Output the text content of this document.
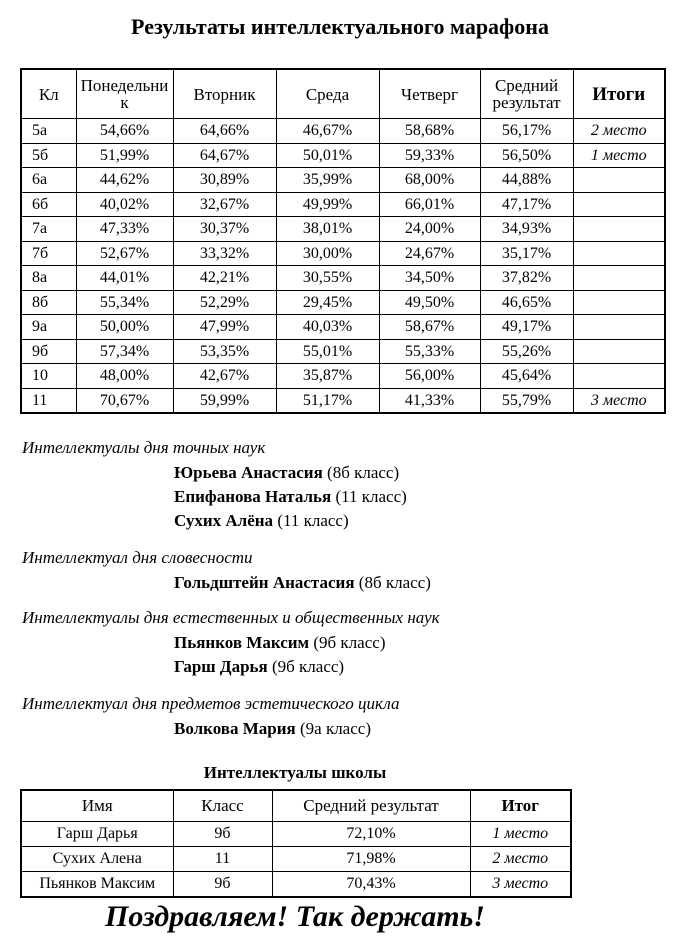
Результаты интеллектуального марафона
Кл	Понедельник	Вторник	Среда	Четверг	Средний результат	Итоги
5а	54,66%	64,66%	46,67%	58,68%	56,17%	2 место
5б	51,99%	64,67%	50,01%	59,33%	56,50%	1 место
6а	44,62%	30,89%	35,99%	68,00%	44,88%	
6б	40,02%	32,67%	49,99%	66,01%	47,17%	
7а	47,33%	30,37%	38,01%	24,00%	34,93%	
7б	52,67%	33,32%	30,00%	24,67%	35,17%	
8а	44,01%	42,21%	30,55%	34,50%	37,82%	
8б	55,34%	52,29%	29,45%	49,50%	46,65%	
9а	50,00%	47,99%	40,03%	58,67%	49,17%	
9б	57,34%	53,35%	55,01%	55,33%	55,26%	
10	48,00%	42,67%	35,87%	56,00%	45,64%	
11	70,67%	59,99%	51,17%	41,33%	55,79%	3 место
Интеллектуалы дня точных наук
Юрьева Анастасия (8б класс)
Епифанова Наталья (11 класс)
Сухих Алёна (11 класс)
Интеллектуал дня словесности
Гольдштейн Анастасия (8б класс)
Интеллектуалы дня естественных и общественных наук
Пьянков Максим (9б класс)
Гарш Дарья (9б класс)
Интеллектуал дня предметов эстетического цикла
Волкова Мария (9а класс)
Интеллектуалы школы
Имя	Класс	Средний результат	Итог
Гарш Дарья	9б	72,10%	1 место
Сухих Алена	11	71,98%	2 место
Пьянков Максим	9б	70,43%	3 место
Поздравляем! Так держать!
